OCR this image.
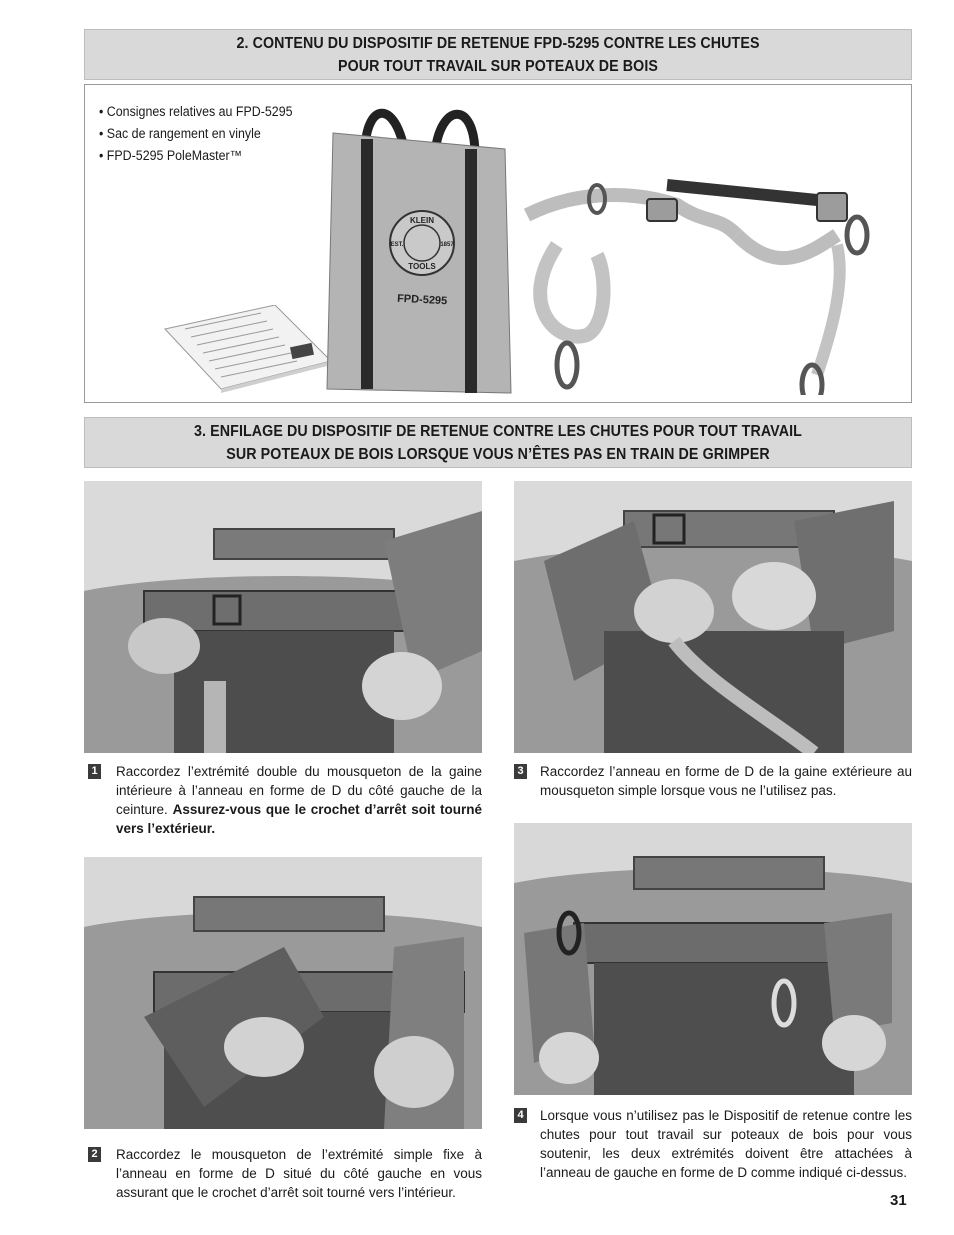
2. CONTENU DU DISPOSITIF DE RETENUE FPD-5295 CONTRE LES CHUTES
POUR TOUT TRAVAIL SUR POTEAUX DE BOIS
• Consignes relatives au FPD-5295
• Sac de rangement en vinyle
• FPD-5295 PoleMaster™
KLEIN
TOOLS
EST.	1857
FPD-5295
3. ENFILAGE DU DISPOSITIF DE RETENUE CONTRE LES CHUTES POUR TOUT TRAVAIL
SUR POTEAUX DE BOIS LORSQUE VOUS N’ÊTES PAS EN TRAIN DE GRIMPER
1 Raccordez l’extrémité double du mousqueton de la gaine intérieure à l’anneau en forme de D du côté gauche de la ceinture. Assurez-vous que le crochet d’arrêt soit tourné vers l’extérieur.
2 Raccordez le mousqueton de l’extrémité simple fixe à l’anneau en forme de D situé du côté gauche en vous assurant que le crochet d’arrêt soit tourné vers l’intérieur.
3 Raccordez l’anneau en forme de D de la gaine extérieure au mousqueton simple lorsque vous ne l’utilisez pas.
4 Lorsque vous n’utilisez pas le Dispositif de retenue contre les chutes pour tout travail sur poteaux de bois pour vous soutenir, les deux extrémités doivent être attachées à l’anneau de gauche en forme de D comme indiqué ci-dessus.
31
